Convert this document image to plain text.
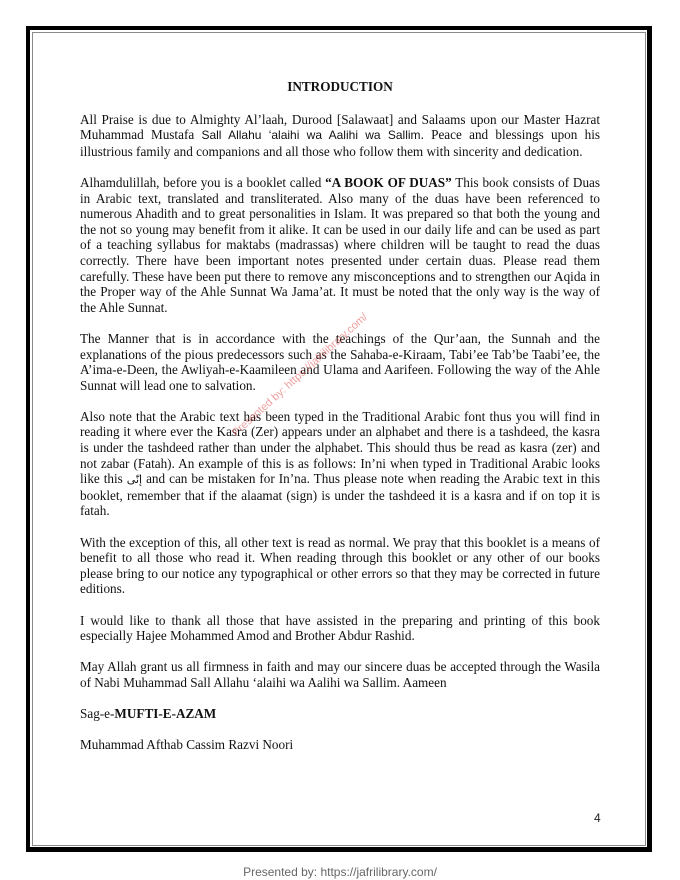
INTRODUCTION

All Praise is due to Almighty Al’laah, Durood [Salawaat] and Salaams upon our Master Hazrat Muhammad Mustafa Sall Allahu ‘alaihi wa Aalihi wa Sallim. Peace and blessings upon his illustrious family and companions and all those who follow them with sincerity and dedication.

Alhamdulillah, before you is a booklet called “A BOOK OF DUAS” This book consists of Duas in Arabic text, translated and transliterated. Also many of the duas have been referenced to numerous Ahadith and to great personalities in Islam. It was prepared so that both the young and the not so young may benefit from it alike. It can be used in our daily life and can be used as part of a teaching syllabus for maktabs (madrassas) where children will be taught to read the duas correctly. There have been important notes presented under certain duas. Please read them carefully. These have been put there to remove any misconceptions and to strengthen our Aqida in the Proper way of the Ahle Sunnat Wa Jama’at. It must be noted that the only way is the way of the Ahle Sunnat.

The Manner that is in accordance with the teachings of the Qur’aan, the Sunnah and the explanations of the pious predecessors such as the Sahaba-e-Kiraam, Tabi’ee Tab’be Taabi’ee, the A’ima-e-Deen, the Awliyah-e-Kaamileen and Ulama and Aarifeen. Following the way of the Ahle Sunnat will lead one to salvation.

Also note that the Arabic text has been typed in the Traditional Arabic font thus you will find in reading it where ever the Kasra (Zer) appears under an alphabet and there is a tashdeed, the kasra is under the tashdeed rather than under the alphabet. This should thus be read as kasra (zer) and not zabar (Fatah). An example of this is as follows: In’ni when typed in Traditional Arabic looks like this إنّى and can be mistaken for In’na. Thus please note when reading the Arabic text in this booklet, remember that if the alaamat (sign) is under the tashdeed it is a kasra and if on top it is fatah.

With the exception of this, all other text is read as normal. We pray that this booklet is a means of benefit to all those who read it. When reading through this booklet or any other of our books please bring to our notice any typographical or other errors so that they may be corrected in future editions.

I would like to thank all those that have assisted in the preparing and printing of this book especially Hajee Mohammed Amod and Brother Abdur Rashid.

May Allah grant us all firmness in faith and may our sincere duas be accepted through the Wasila of Nabi Muhammad Sall Allahu ‘alaihi wa Aalihi wa Sallim. Aameen

Sag-e-MUFTI-E-AZAM

Muhammad Afthab Cassim Razvi Noori

Presented by: https://jafrilibrary.com/
4
Presented by: https://jafrilibrary.com/
